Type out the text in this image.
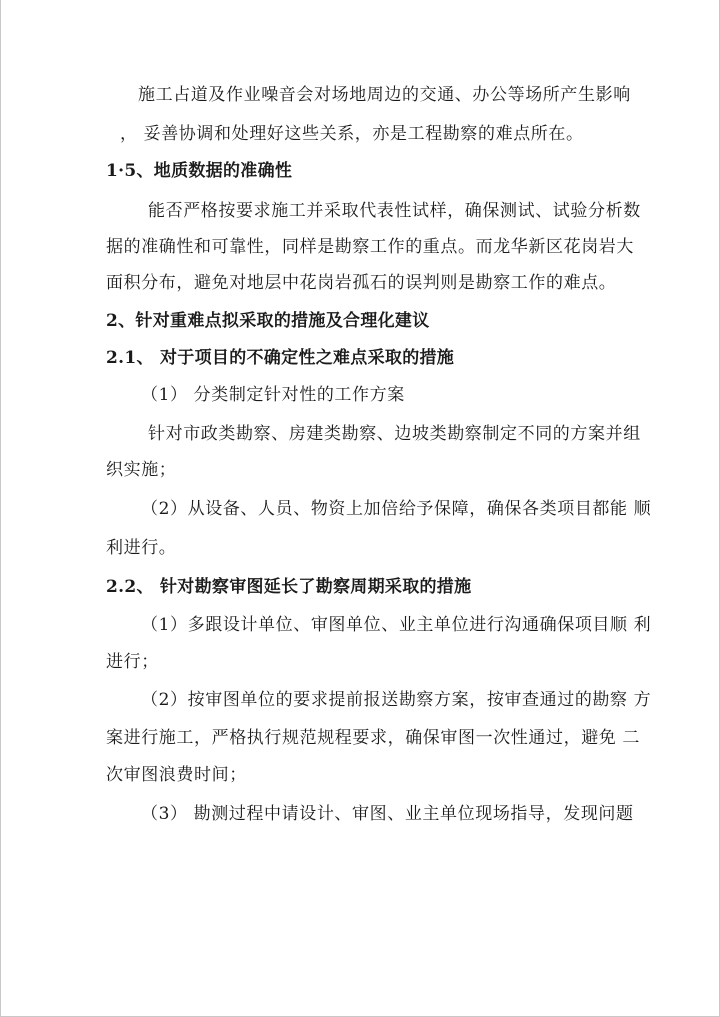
施工占道及作业噪音会对场地周边的交通、办公等场所产生影响
， 妥善协调和处理好这些关系，亦是工程勘察的难点所在。
1·5、地质数据的准确性
能否严格按要求施工并采取代表性试样，确保测试、试验分析数
据的准确性和可靠性，同样是勘察工作的重点。而龙华新区花岗岩大
面积分布，避免对地层中花岗岩孤石的误判则是勘察工作的难点。
2、针对重难点拟采取的措施及合理化建议
2.1、 对于项目的不确定性之难点采取的措施
（1） 分类制定针对性的工作方案
针对市政类勘察、房建类勘察、边坡类勘察制定不同的方案并组
织实施；
（2）从设备、人员、物资上加倍给予保障，确保各类项目都能 顺
利进行。
2.2、 针对勘察审图延长了勘察周期采取的措施
（1）多跟设计单位、审图单位、业主单位进行沟通确保项目顺 利
进行；
（2）按审图单位的要求提前报送勘察方案，按审查通过的勘察 方
案进行施工，严格执行规范规程要求，确保审图一次性通过，避免 二
次审图浪费时间；
（3） 勘测过程中请设计、审图、业主单位现场指导，发现问题
